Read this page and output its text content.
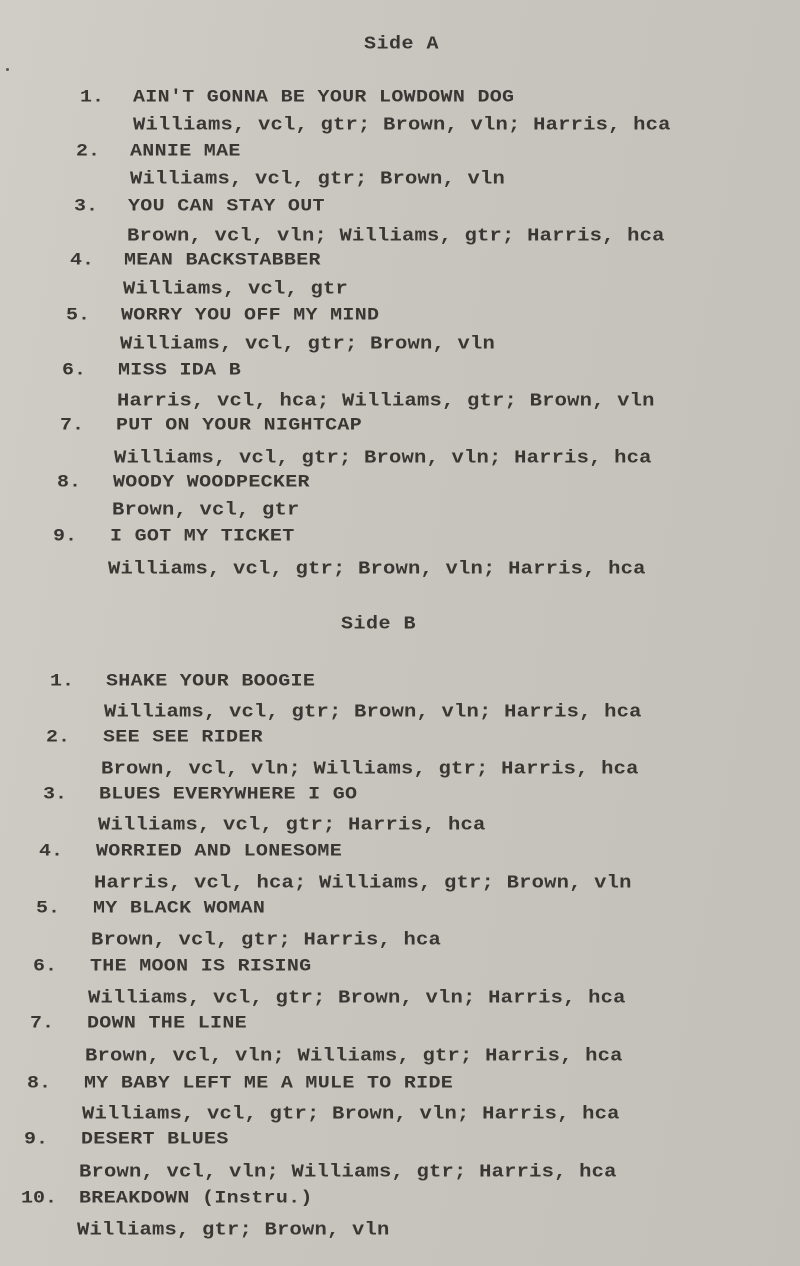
Side A
1. AIN'T GONNA BE YOUR LOWDOWN DOG
Williams, vcl, gtr; Brown, vln; Harris, hca
2. ANNIE MAE
Williams, vcl, gtr; Brown, vln
3. YOU CAN STAY OUT
Brown, vcl, vln; Williams, gtr; Harris, hca
4. MEAN BACKSTABBER
Williams, vcl, gtr
5. WORRY YOU OFF MY MIND
Williams, vcl, gtr; Brown, vln
6. MISS IDA B
Harris, vcl, hca; Williams, gtr; Brown, vln
7. PUT ON YOUR NIGHTCAP
Williams, vcl, gtr; Brown, vln; Harris, hca
8. WOODY WOODPECKER
Brown, vcl, gtr
9. I GOT MY TICKET
Williams, vcl, gtr; Brown, vln; Harris, hca
Side B
1. SHAKE YOUR BOOGIE
Williams, vcl, gtr; Brown, vln; Harris, hca
2. SEE SEE RIDER
Brown, vcl, vln; Williams, gtr; Harris, hca
3. BLUES EVERYWHERE I GO
Williams, vcl, gtr; Harris, hca
4. WORRIED AND LONESOME
Harris, vcl, hca; Williams, gtr; Brown, vln
5. MY BLACK WOMAN
Brown, vcl, gtr; Harris, hca
6. THE MOON IS RISING
Williams, vcl, gtr; Brown, vln; Harris, hca
7. DOWN THE LINE
Brown, vcl, vln; Williams, gtr; Harris, hca
8. MY BABY LEFT ME A MULE TO RIDE
Williams, vcl, gtr; Brown, vln; Harris, hca
9. DESERT BLUES
Brown, vcl, vln; Williams, gtr; Harris, hca
10. BREAKDOWN (Instru.)
Williams, gtr; Brown, vln
